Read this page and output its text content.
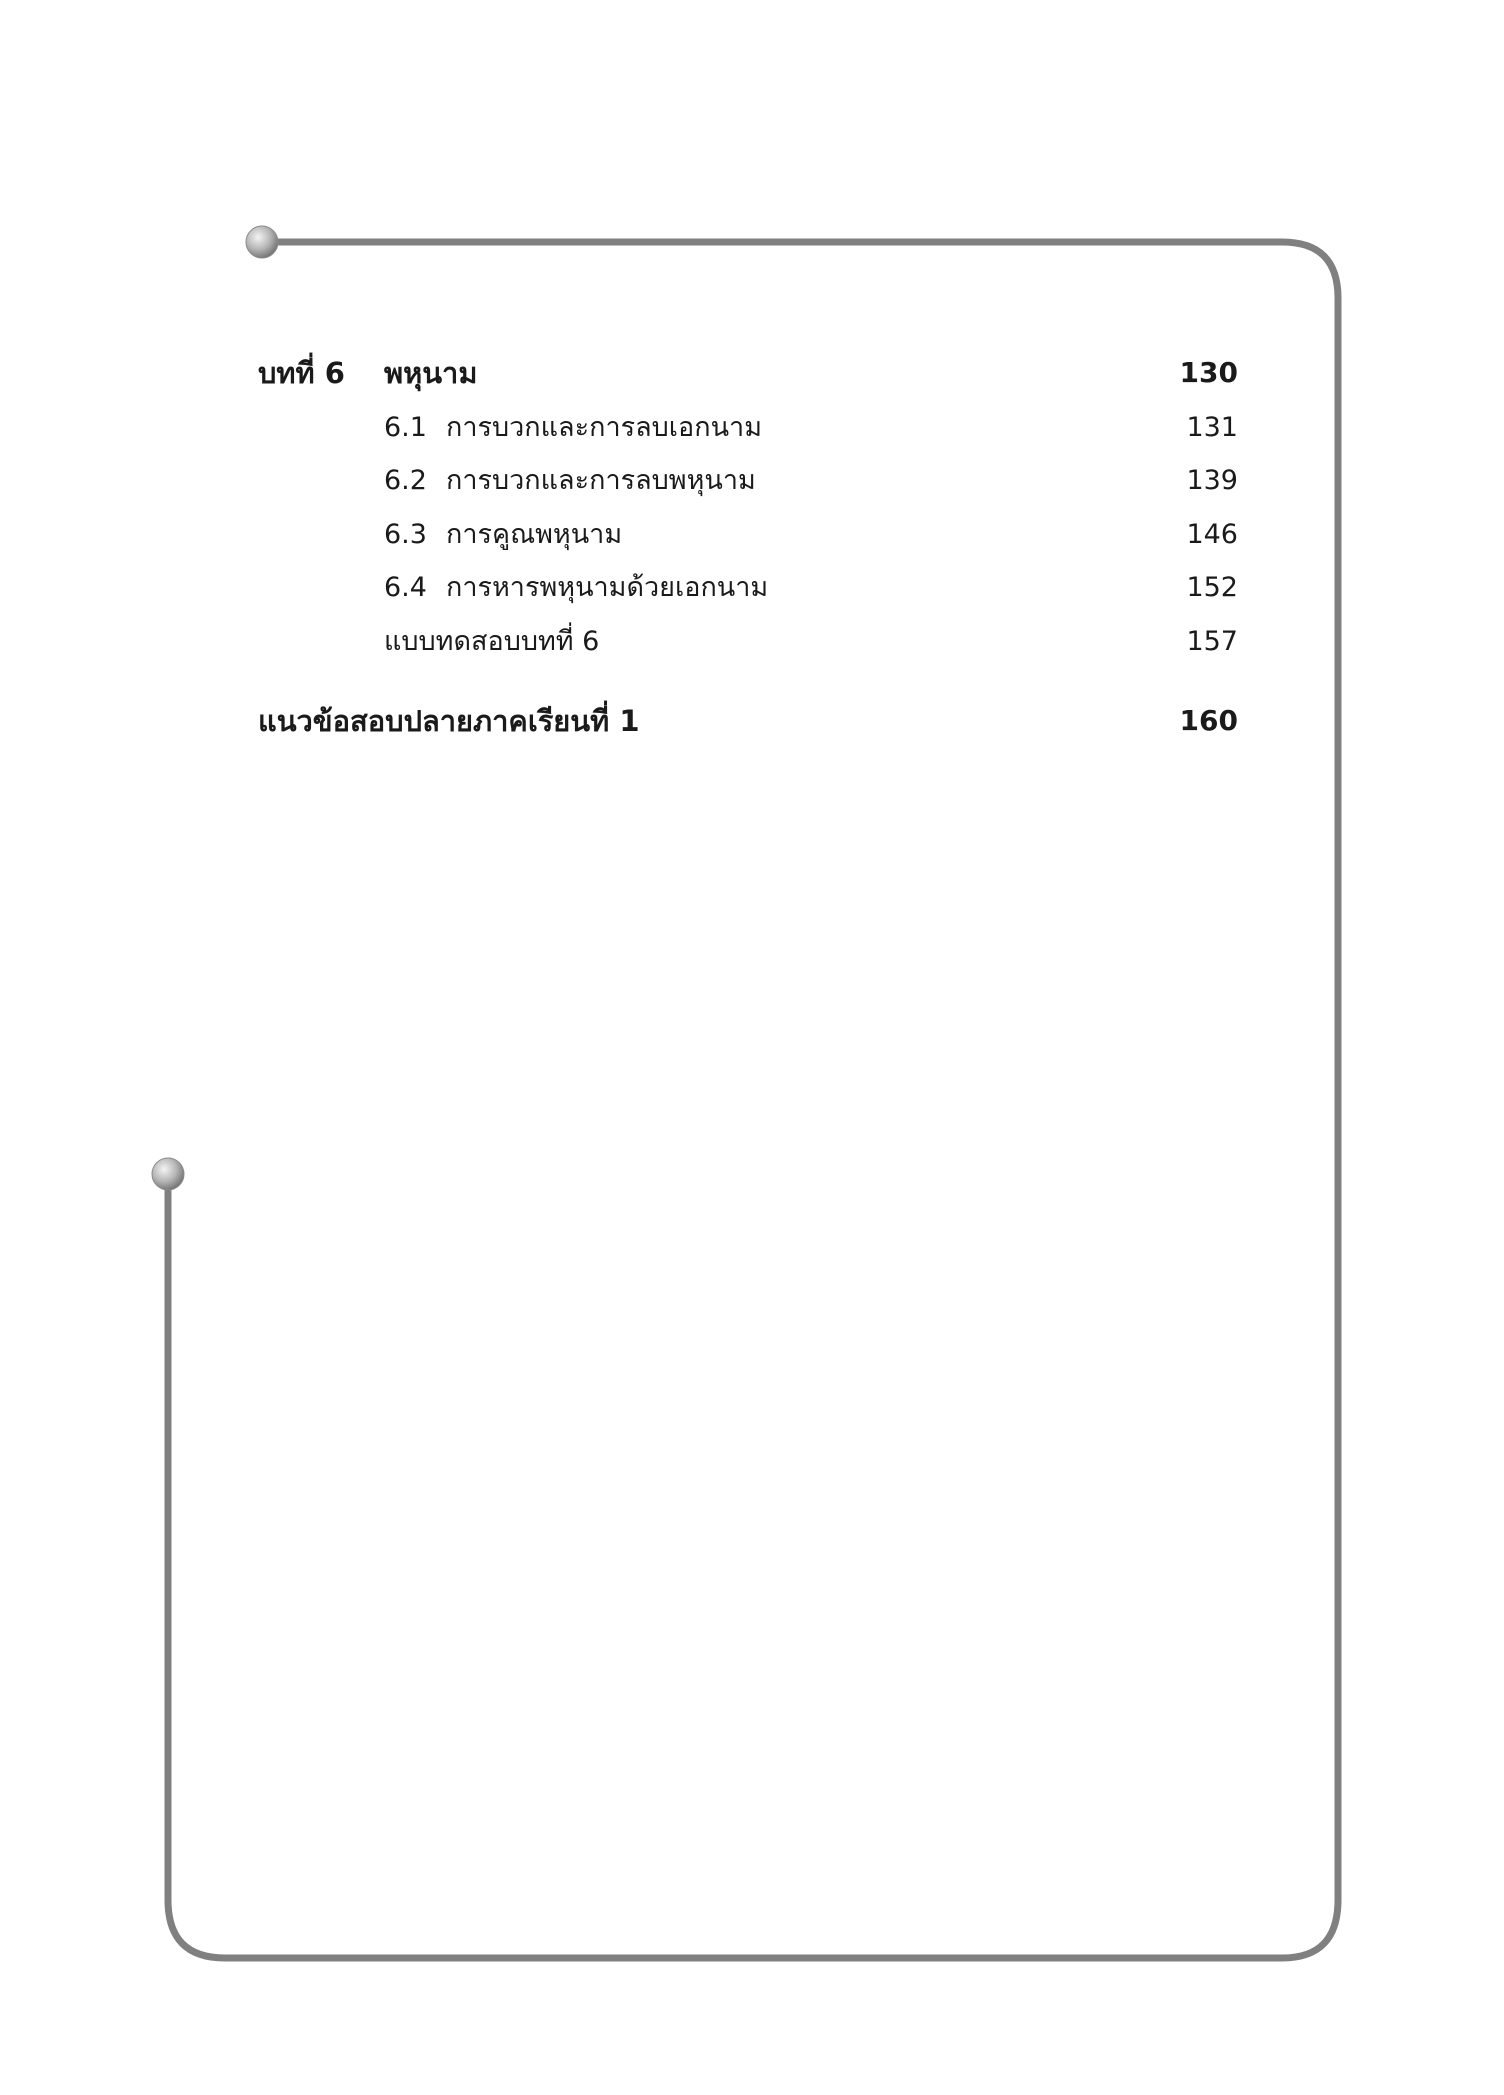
บทที่ 6 พหุนาม	130
6.1 การบวกและการลบเอกนาม	131
6.2 การบวกและการลบพหุนาม	139
6.3 การคูณพหุนาม	146
6.4 การหารพหุนามด้วยเอกนาม	152
แบบทดสอบบทที่ 6	157
แนวข้อสอบปลายภาคเรียนที่ 1	160
